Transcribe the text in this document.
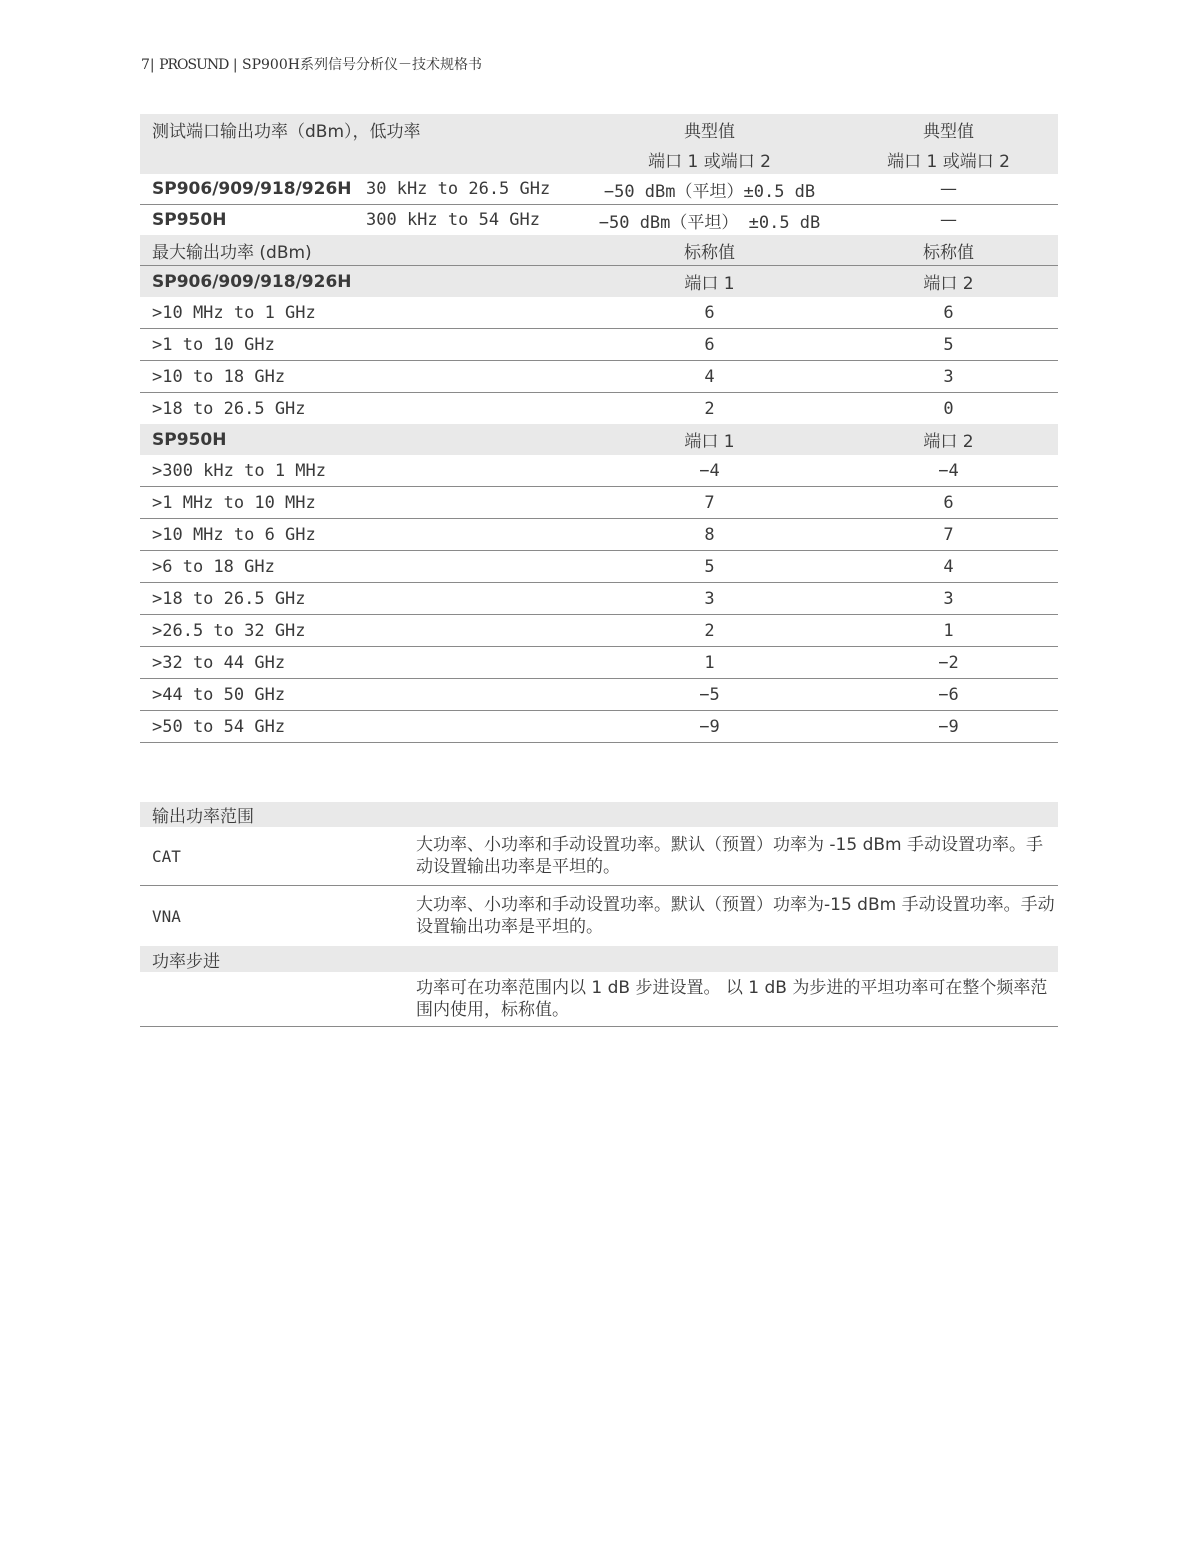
7| PROSUND | SP900H系列信号分析仪－技术规格书
测试端口输出功率（dBm），低功率		典型值	典型值
		端口 1 或端口 2	端口 1 或端口 2
SP906/909/918/926H	30 kHz to 26.5 GHz	−50 dBm（平坦）±0.5 dB	—
SP950H	300 kHz to 54 GHz	−50 dBm（平坦） ±0.5 dB	—
最大输出功率 (dBm)		标称值	标称值
SP906/909/918/926H		端口 1	端口 2
>10 MHz to 1 GHz		6	6
>1 to 10 GHz		6	5
>10 to 18 GHz		4	3
>18 to 26.5 GHz		2	0
SP950H		端口 1	端口 2
>300 kHz to 1 MHz		−4	−4
>1 MHz to 10 MHz		7	6
>10 MHz to 6 GHz		8	7
>6 to 18 GHz		5	4
>18 to 26.5 GHz		3	3
>26.5 to 32 GHz		2	1
>32 to 44 GHz		1	−2
>44 to 50 GHz		−5	−6
>50 to 54 GHz		−9	−9
输出功率范围	
CAT	大功率、小功率和手动设置功率。默认（预置）功率为 -15 dBm 手动设置功率。手动设置输出功率是平坦的。
VNA	大功率、小功率和手动设置功率。默认（预置）功率为-15 dBm 手动设置功率。手动设置输出功率是平坦的。
功率步进	
	功率可在功率范围内以 1 dB 步进设置。 以 1 dB 为步进的平坦功率可在整个频率范围内使用，标称值。
